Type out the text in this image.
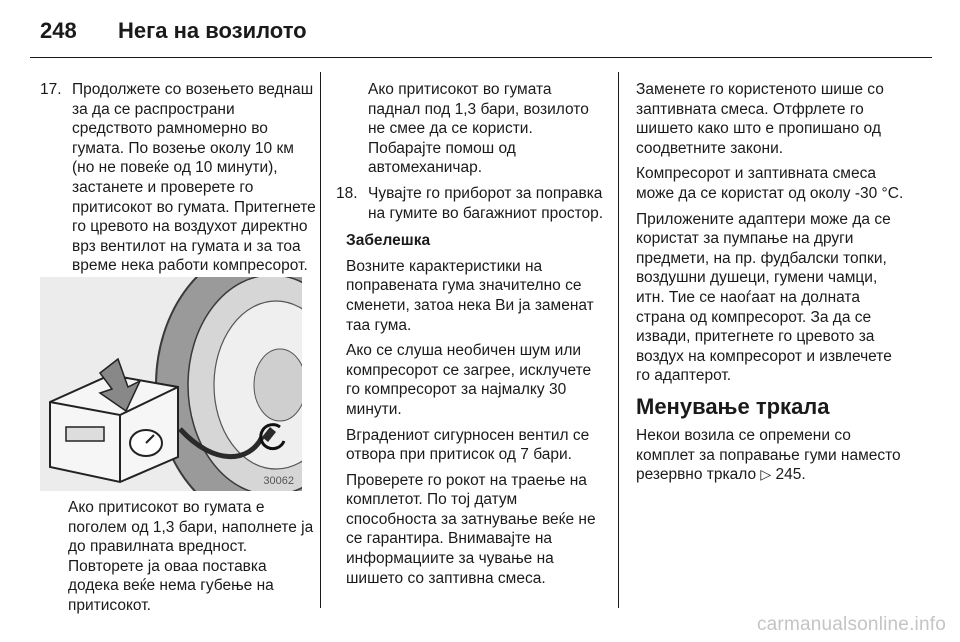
248 Нега на возилото
17. Продолжете со возењето веднаш за да се распространи средството рамномерно во гумата. По возење околу 10 км (но не повеќе од 10 минути), застанете и проверете го притисокот во гумата. Притегнете го цревото на воздухот директно врз вентилот на гумата и за тоа време нека работи компресорот.
30062

Ако притисокот во гумата е поголем од 1,3 бари, наполнете ја до правилната вредност. Повторете ја оваа поставка додека веќе нема губење на притисокот.

Ако притисокот во гумата паднал под 1,3 бари, возилото не смее да се користи. Побарајте помош од автомеханичар.

18. Чувајте го приборот за поправка на гумите во багажниот простор.

Забелешка

Возните карактеристики на поправената гума значително се сменети, затоа нека Ви ја заменат таа гума.

Ако се слуша необичен шум или компресорот се загрее, исклучете го компресорот за најмалку 30 минути.

Вградениот сигурносен вентил се отвора при притисок од 7 бари.

Проверете го рокот на траење на комплетот. По тој датум способноста за затнување веќе не се гарантира. Внимавајте на информациите за чување на шишето со заптивна смеса.

Заменете го користеното шише со заптивната смеса. Отфрлете го шишето како што е пропишано од соодветните закони.

Компресорот и заптивната смеса може да се користат од околу -30 °C.

Приложените адаптери може да се користат за пумпање на други предмети, на пр. фудбалски топки, воздушни душеци, гумени чамци, итн. Тие се наоѓаат на долната страна од компресорот. За да се извади, притегнете го цревото за воздух на компресорот и извлечете го адаптерот.

Менување тркала

Некои возила се опремени со комплет за поправање гуми наместо резервно тркало ▷ 245.

carmanualsonline.info
